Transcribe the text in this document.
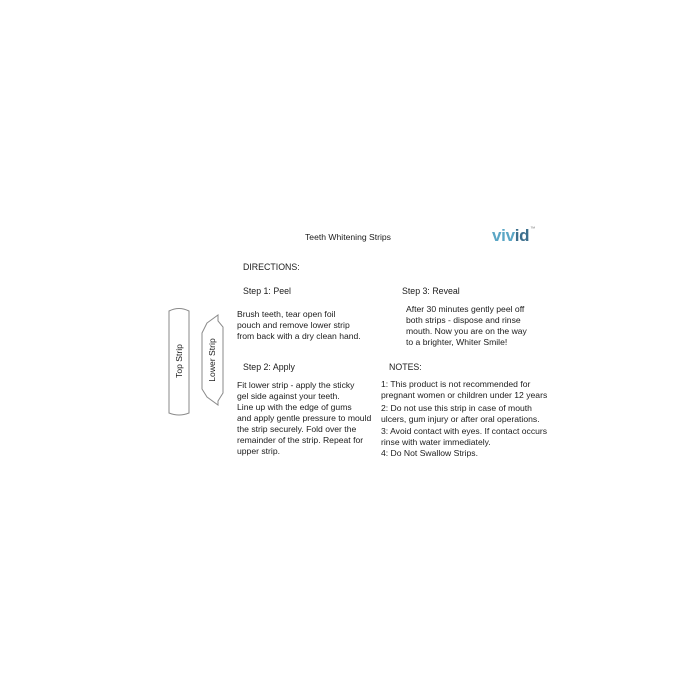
Teeth Whitening Strips	vivid™
Top Strip	Lower Strip
DIRECTIONS:
Step 1: Peel
Brush teeth, tear open foil
pouch and remove lower strip
from back with a dry clean hand.
Step 2: Apply
Fit lower strip - apply the sticky
gel side against your teeth.
Line up with the edge of gums
and apply gentle pressure to mould
the strip securely. Fold over the
remainder of the strip. Repeat for
upper strip.
Step 3: Reveal
After 30 minutes gently peel off
both strips - dispose and rinse
mouth. Now you are on the way
to a brighter, Whiter Smile!
NOTES:
1: This product is not recommended for
pregnant women or children under 12 years
2: Do not use this strip in case of mouth
ulcers, gum injury or after oral operations.
3: Avoid contact with eyes. If contact occurs
rinse with water immediately.
4: Do Not Swallow Strips.
